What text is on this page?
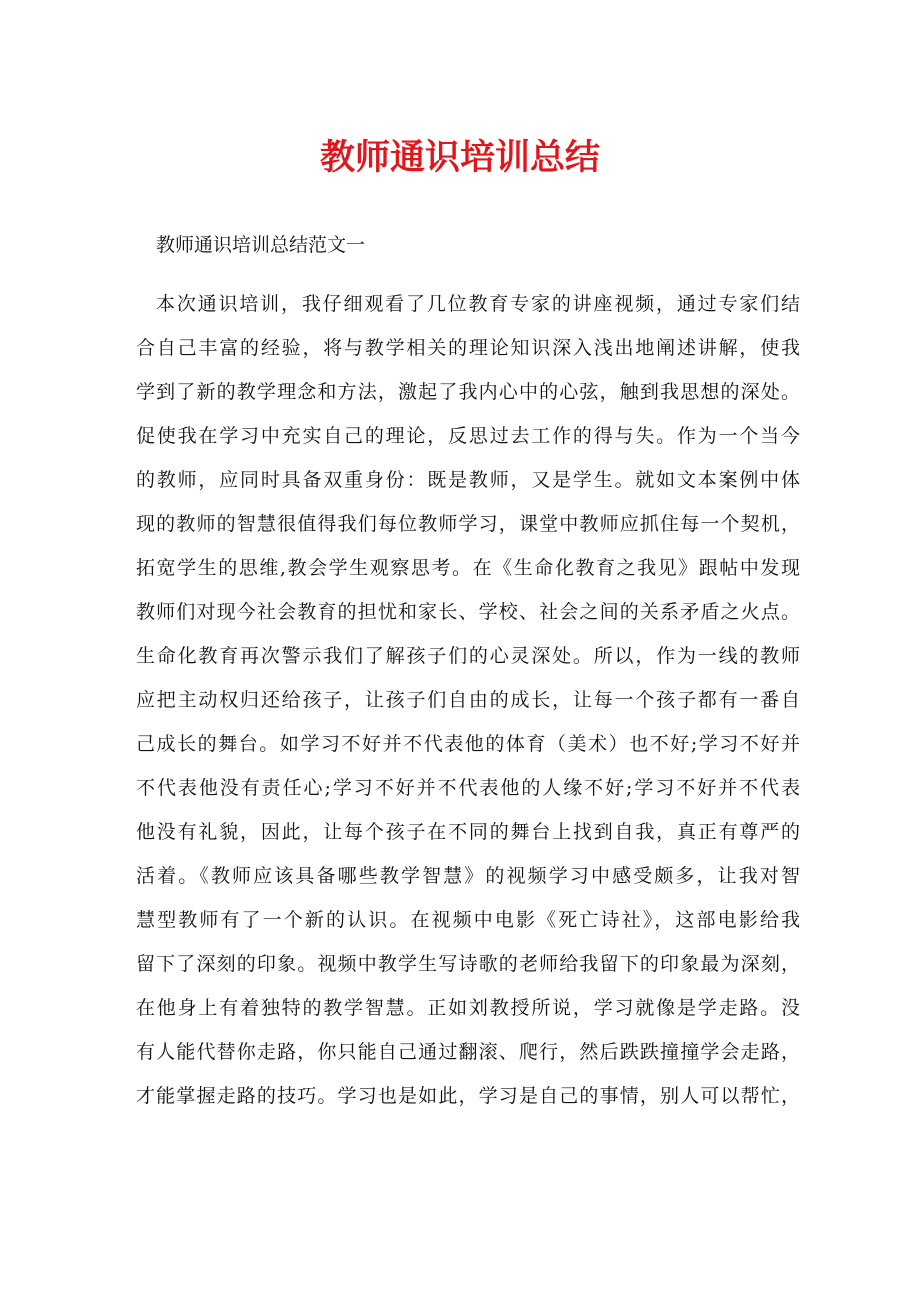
教师通识培训总结

教师通识培训总结范文一

本次通识培训，我仔细观看了几位教育专家的讲座视频，通过专家们结
合自己丰富的经验，将与教学相关的理论知识深入浅出地阐述讲解，使我
学到了新的教学理念和方法，激起了我内心中的心弦，触到我思想的深处。
促使我在学习中充实自己的理论，反思过去工作的得与失。作为一个当今
的教师，应同时具备双重身份：既是教师，又是学生。就如文本案例中体
现的教师的智慧很值得我们每位教师学习，课堂中教师应抓住每一个契机，
拓宽学生的思维,教会学生观察思考。在《生命化教育之我见》跟帖中发现
教师们对现今社会教育的担忧和家长、学校、社会之间的关系矛盾之火点。
生命化教育再次警示我们了解孩子们的心灵深处。所以，作为一线的教师
应把主动权归还给孩子，让孩子们自由的成长，让每一个孩子都有一番自
己成长的舞台。如学习不好并不代表他的体育（美术）也不好;学习不好并
不代表他没有责任心;学习不好并不代表他的人缘不好;学习不好并不代表
他没有礼貌，因此，让每个孩子在不同的舞台上找到自我，真正有尊严的
活着。《教师应该具备哪些教学智慧》的视频学习中感受颇多，让我对智
慧型教师有了一个新的认识。在视频中电影《死亡诗社》，这部电影给我
留下了深刻的印象。视频中教学生写诗歌的老师给我留下的印象最为深刻，
在他身上有着独特的教学智慧。正如刘教授所说，学习就像是学走路。没
有人能代替你走路，你只能自己通过翻滚、爬行，然后跌跌撞撞学会走路，
才能掌握走路的技巧。学习也是如此，学习是自己的事情，别人可以帮忙，
